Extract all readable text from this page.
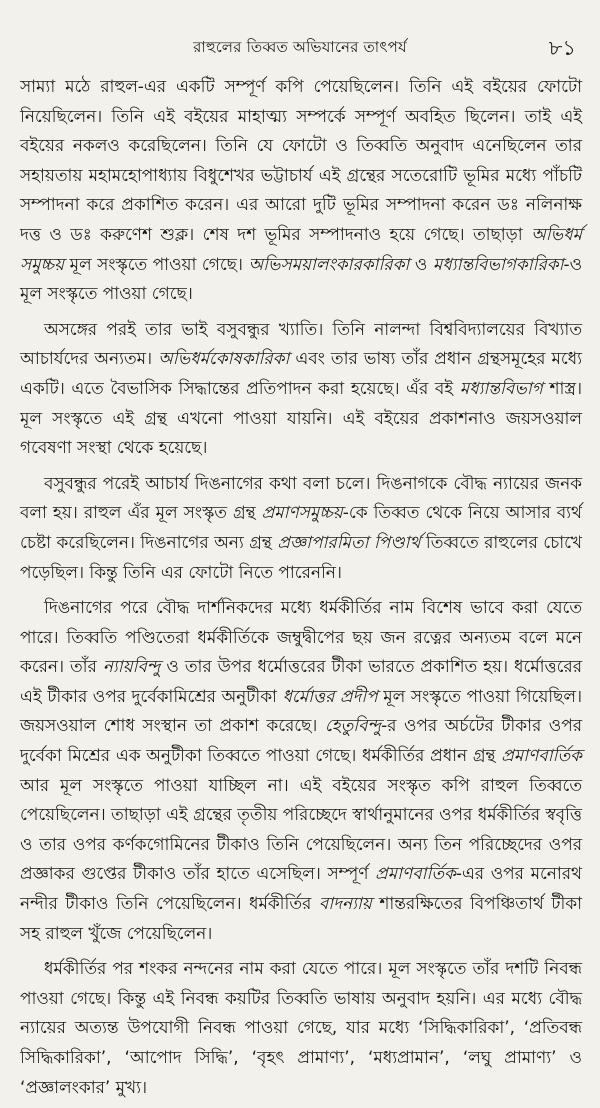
রাহুলের তিব্বত অভিযানের তাৎপর্য	৮১

সাম্যা মঠে রাহুল-এর একটি সম্পূর্ণ কপি পেয়েছিলেন। তিনি এই বইয়ের ফোটো নিয়েছিলেন। তিনি এই বইয়ের মাহাত্ম্য সম্পর্কে সম্পূর্ণ অবহিত ছিলেন। তাই এই বইয়ের নকলও করেছিলেন। তিনি যে ফোটো ও তিব্বতি অনুবাদ এনেছিলেন তার সহায়তায় মহামহোপাধ্যায় বিধুশেখর ভট্টাচার্য এই গ্রন্থের সতেরোটি ভূমির মধ্যে পাঁচটি সম্পাদনা করে প্রকাশিত করেন। এর আরো দুটি ভূমির সম্পাদনা করেন ডঃ নলিনাক্ষ দত্ত ও ডঃ করুণেশ শুক্ল। শেষ দশ ভূমির সম্পাদনাও হয়ে গেছে। তাছাড়া অভিধর্ম সমুচ্চয় মূল সংস্কৃতে পাওয়া গেছে। অভিসময়ালংকারকারিকা ও মধ্যান্তবিভাগকারিকা-ও মূল সংস্কৃতে পাওয়া গেছে।

অসঙ্গের পরই তার ভাই বসুবন্ধুর খ্যাতি। তিনি নালন্দা বিশ্ববিদ্যালয়ের বিখ্যাত আচার্যদের অন্যতম। অভিধর্মকোষকারিকা এবং তার ভাষ্য তাঁর প্রধান গ্রন্থসমূহের মধ্যে একটি। এতে বৈভাসিক সিদ্ধান্তের প্রতিপাদন করা হয়েছে। এঁর বই মধ্যান্তবিভাগ শাস্ত্র। মূল সংস্কৃতে এই গ্রন্থ এখনো পাওয়া যায়নি। এই বইয়ের প্রকাশনাও জয়সওয়াল গবেষণা সংস্থা থেকে হয়েছে।

বসুবন্ধুর পরেই আচার্য দিঙনাগের কথা বলা চলে। দিঙনাগকে বৌদ্ধ ন্যায়ের জনক বলা হয়। রাহুল এঁর মূল সংস্কৃত গ্রন্থ প্রমাণসমুচ্চয়-কে তিব্বত থেকে নিয়ে আসার ব্যর্থ চেষ্টা করেছিলেন। দিঙনাগের অন্য গ্রন্থ প্রজ্ঞাপারমিতা পিণ্ডার্থ তিব্বতে রাহুলের চোখে পড়েছিল। কিন্তু তিনি এর ফোটো নিতে পারেননি।

দিঙনাগের পরে বৌদ্ধ দার্শনিকদের মধ্যে ধর্মকীর্তির নাম বিশেষ ভাবে করা যেতে পারে। তিব্বতি পণ্ডিতেরা ধর্মকীর্তিকে জম্বুদ্বীপের ছয় জন রত্নের অন্যতম বলে মনে করেন। তাঁর ন্যায়বিন্দু ও তার উপর ধর্মোত্তরের টীকা ভারতে প্রকাশিত হয়। ধর্মোত্তরের এই টীকার ওপর দুর্বেকামিশ্রের অনুটীকা ধর্মোত্তর প্রদীপ মূল সংস্কৃতে পাওয়া গিয়েছিল। জয়সওয়াল শোধ সংস্থান তা প্রকাশ করেছে। হেতুবিন্দু-র ওপর অর্চটের টীকার ওপর দুর্বেকা মিশ্রের এক অনুটীকা তিব্বতে পাওয়া গেছে। ধর্মকীর্তির প্রধান গ্রন্থ প্রমাণবার্তিক আর মূল সংস্কৃতে পাওয়া যাচ্ছিল না। এই বইয়ের সংস্কৃত কপি রাহুল তিব্বতে পেয়েছিলেন। তাছাড়া এই গ্রন্থের তৃতীয় পরিচ্ছেদে স্বার্থানুমানের ওপর ধর্মকীর্তির স্ববৃত্তি ও তার ওপর কর্ণকগোমিনের টীকাও তিনি পেয়েছিলেন। অন্য তিন পরিচ্ছেদের ওপর প্রজ্ঞাকর গুপ্তের টীকাও তাঁর হাতে এসেছিল। সম্পূর্ণ প্রমাণবার্তিক-এর ওপর মনোরথ নন্দীর টীকাও তিনি পেয়েছিলেন। ধর্মকীর্তির বাদন্যায় শান্তরক্ষিতের বিপঞ্চিতার্থ টীকা সহ রাহুল খুঁজে পেয়েছিলেন।

ধর্মকীর্তির পর শংকর নন্দনের নাম করা যেতে পারে। মূল সংস্কৃতে তাঁর দশটি নিবন্ধ পাওয়া গেছে। কিন্তু এই নিবন্ধ কয়টির তিব্বতি ভাষায় অনুবাদ হয়নি। এর মধ্যে বৌদ্ধ ন্যায়ের অত্যন্ত উপযোগী নিবন্ধ পাওয়া গেছে, যার মধ্যে ‘সিদ্ধিকারিকা’, ‘প্রতিবন্ধ সিদ্ধিকারিকা’, ‘আপোদ সিদ্ধি’, ‘বৃহৎ প্রামাণ্য’, ‘মধ্যপ্রামান’, ‘লঘু প্রামাণ্য’ ও ‘প্রজ্ঞালংকার’ মুখ্য।
